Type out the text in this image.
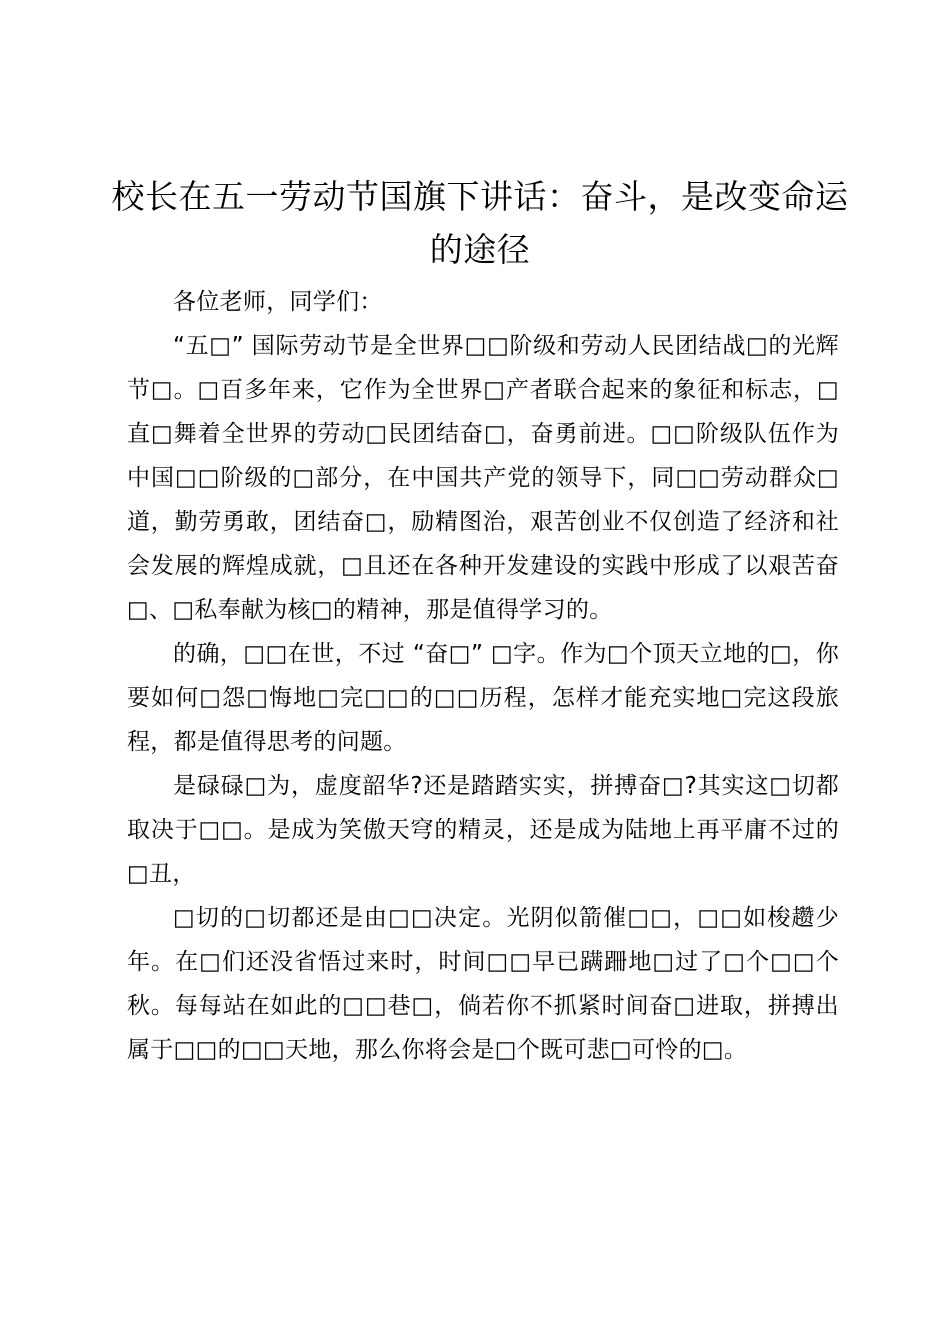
校长在五一劳动节国旗下讲话：奋斗，是改变命运的途径

各位老师，同学们：

“五□” 国际劳动节是全世界□□阶级和劳动人民团结战□的光辉节□。□百多年来，它作为全世界□产者联合起来的象征和标志，□直□舞着全世界的劳动□民团结奋□，奋勇前进。□□阶级队伍作为中国□□阶级的□部分，在中国共产党的领导下，同□□劳动群众□道，勤劳勇敢，团结奋□，励精图治，艰苦创业不仅创造了经济和社会发展的辉煌成就，□且还在各种开发建设的实践中形成了以艰苦奋□、□私奉献为核□的精神，那是值得学习的。

的确，□□在世，不过 “奋□” □字。作为□个顶天立地的□，你要如何□怨□悔地□完□□的□□历程，怎样才能充实地□完这段旅程，都是值得思考的问题。

是碌碌□为，虚度韶华?还是踏踏实实，拼搏奋□?其实这□切都取决于□□。是成为笑傲天穹的精灵，还是成为陆地上再平庸不过的□丑，

□切的□切都还是由□□决定。光阴似箭催□□，□□如梭趱少年。在□们还没省悟过来时，时间□□早已蹒跚地□过了□个□□个秋。每每站在如此的□□巷□，倘若你不抓紧时间奋□进取，拼搏出属于□□的□□天地，那么你将会是□个既可悲□可怜的□。
